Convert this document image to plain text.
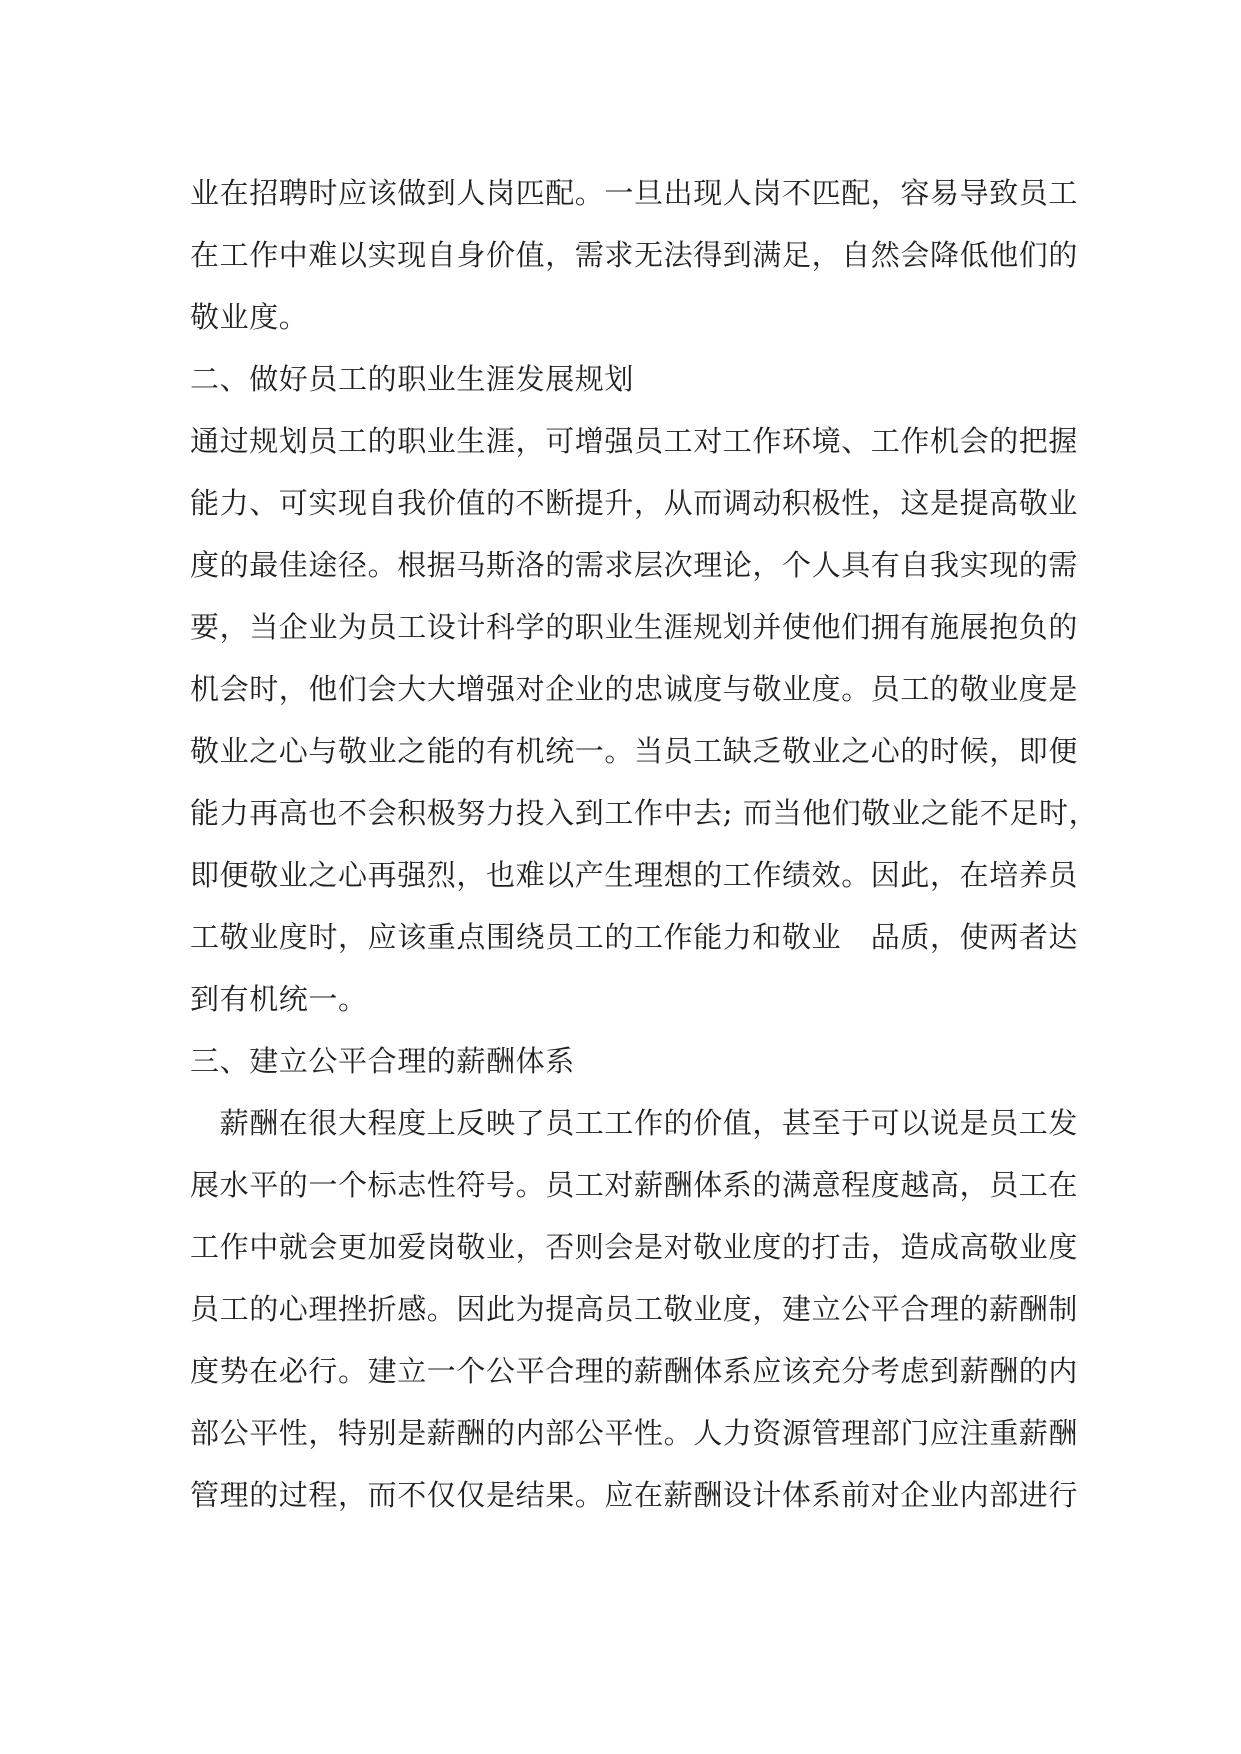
业在招聘时应该做到人岗匹配。一旦出现人岗不匹配，容易导致员工
在工作中难以实现自身价值，需求无法得到满足，自然会降低他们的
敬业度。
二、做好员工的职业生涯发展规划
通过规划员工的职业生涯，可增强员工对工作环境、工作机会的把握
能力、可实现自我价值的不断提升，从而调动积极性，这是提高敬业
度的最佳途径。根据马斯洛的需求层次理论，个人具有自我实现的需
要，当企业为员工设计科学的职业生涯规划并使他们拥有施展抱负的
机会时，他们会大大增强对企业的忠诚度与敬业度。员工的敬业度是
敬业之心与敬业之能的有机统一。当员工缺乏敬业之心的时候，即便
能力再高也不会积极努力投入到工作中去; 而当他们敬业之能不足时，
即便敬业之心再强烈，也难以产生理想的工作绩效。因此，在培养员
工敬业度时，应该重点围绕员工的工作能力和敬业　品质，使两者达
到有机统一。
三、建立公平合理的薪酬体系
　薪酬在很大程度上反映了员工工作的价值，甚至于可以说是员工发
展水平的一个标志性符号。员工对薪酬体系的满意程度越高，员工在
工作中就会更加爱岗敬业，否则会是对敬业度的打击，造成高敬业度
员工的心理挫折感。因此为提高员工敬业度，建立公平合理的薪酬制
度势在必行。建立一个公平合理的薪酬体系应该充分考虑到薪酬的内
部公平性，特别是薪酬的内部公平性。人力资源管理部门应注重薪酬
管理的过程，而不仅仅是结果。应在薪酬设计体系前对企业内部进行
